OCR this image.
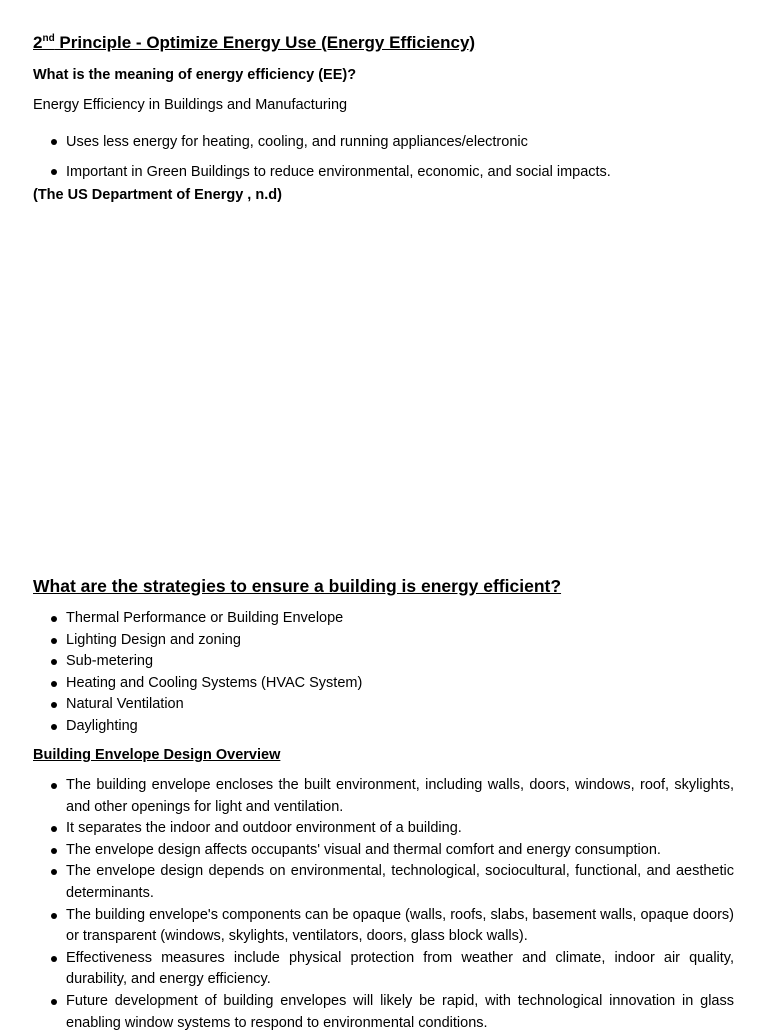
2nd Principle - Optimize Energy Use (Energy Efficiency)
What is the meaning of energy efficiency (EE)?
Energy Efficiency in Buildings and Manufacturing
Uses less energy for heating, cooling, and running appliances/electronic
Important in Green Buildings to reduce environmental, economic, and social impacts.
(The US Department of Energy , n.d)
What are the strategies to ensure a building is energy efficient?
Thermal Performance or Building Envelope
Lighting Design and zoning
Sub-metering
Heating and Cooling Systems (HVAC System)
Natural Ventilation
Daylighting
Building Envelope Design Overview
The building envelope encloses the built environment, including walls, doors, windows, roof, skylights, and other openings for light and ventilation.
It separates the indoor and outdoor environment of a building.
The envelope design affects occupants' visual and thermal comfort and energy consumption.
The envelope design depends on environmental, technological, sociocultural, functional, and aesthetic determinants.
The building envelope's components can be opaque (walls, roofs, slabs, basement walls, opaque doors) or transparent (windows, skylights, ventilators, doors, glass block walls).
Effectiveness measures include physical protection from weather and climate, indoor air quality, durability, and energy efficiency.
Future development of building envelopes will likely be rapid, with technological innovation in glass enabling window systems to respond to environmental conditions.
